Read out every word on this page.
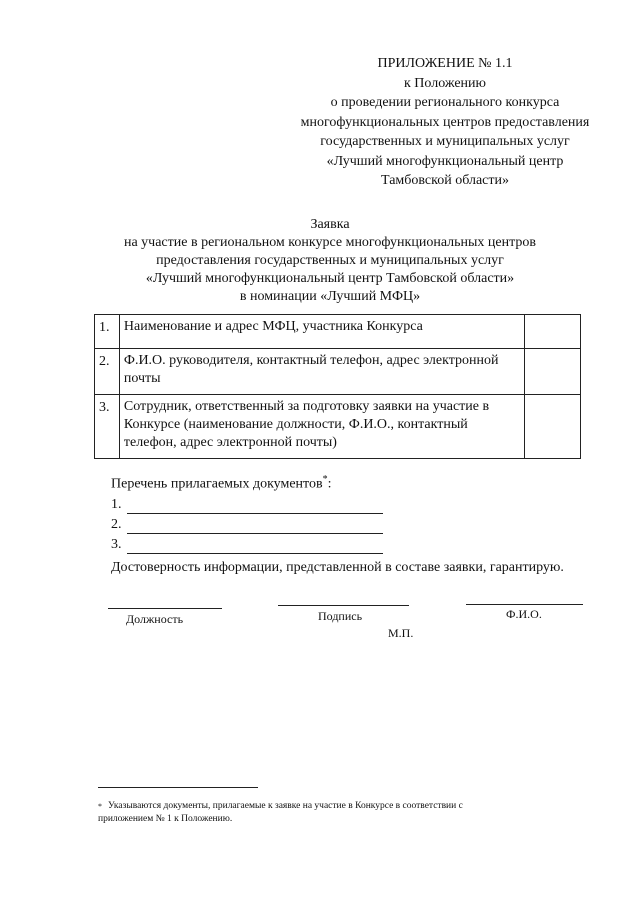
ПРИЛОЖЕНИЕ № 1.1
к Положению
о проведении регионального конкурса
многофункциональных центров предоставления
государственных и муниципальных услуг
«Лучший многофункциональный центр
Тамбовской области»
Заявка
на участие в региональном конкурсе многофункциональных центров
предоставления государственных и муниципальных услуг
«Лучший многофункциональный центр Тамбовской области»
в номинации «Лучший МФЦ»
1.	Наименование и адрес МФЦ, участника Конкурса	
2.	Ф.И.О. руководителя, контактный телефон, адрес электронной почты	
3.	Сотрудник, ответственный за подготовку заявки на участие в Конкурсе (наименование должности, Ф.И.О., контактный телефон, адрес электронной почты)	
Перечень прилагаемых документов*:
1.
2.
3.
Достоверность информации, представленной в составе заявки, гарантирую.
Должность	Подпись	Ф.И.О.
М.П.
* Указываются документы, прилагаемые к заявке на участие в Конкурсе в соответствии с приложением № 1 к Положению.
